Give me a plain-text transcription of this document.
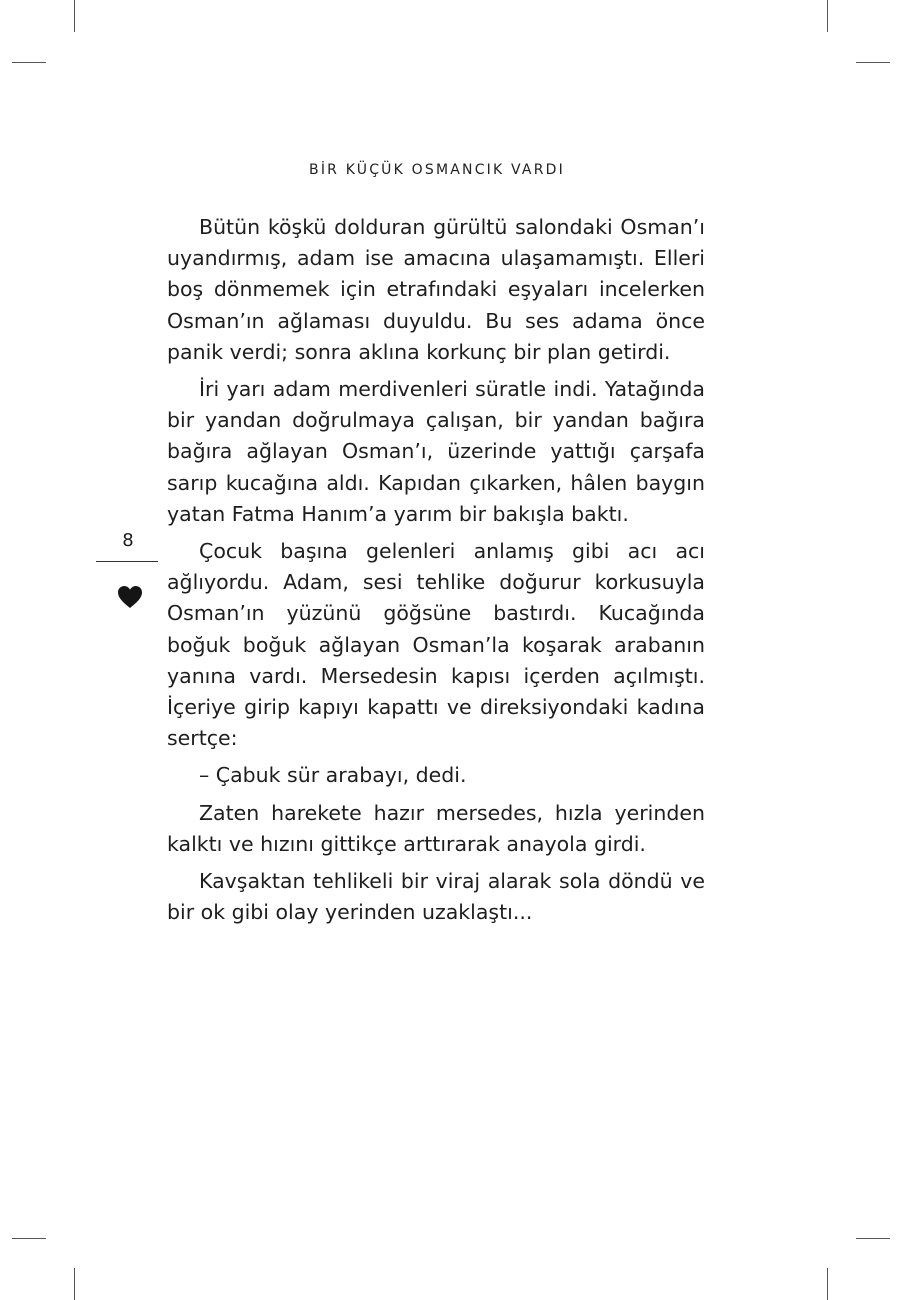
BİR KÜÇÜK OSMANCIK VARDI

Bütün köşkü dolduran gürültü salondaki Osman’ı uyandırmış, adam ise amacına ulaşamamıştı. Elleri boş dönmemek için etrafındaki eşyaları incelerken Osman’ın ağlaması duyuldu. Bu ses adama önce panik verdi; sonra aklına korkunç bir plan getirdi.

İri yarı adam merdivenleri süratle indi. Yatağında bir yandan doğrulmaya çalışan, bir yandan bağıra bağıra ağlayan Osman’ı, üzerinde yattığı çarşafa sarıp kucağına aldı. Kapıdan çıkarken, hâlen baygın yatan Fatma Hanım’a yarım bir bakışla baktı.

Çocuk başına gelenleri anlamış gibi acı acı ağlıyordu. Adam, sesi tehlike doğurur korkusuyla Osman’ın yüzünü göğsüne bastırdı. Kucağında boğuk boğuk ağlayan Osman’la koşarak arabanın yanına vardı. Mersedesin kapısı içerden açılmıştı. İçeriye girip kapıyı kapattı ve direksiyondaki kadına sertçe:

– Çabuk sür arabayı, dedi.

Zaten harekete hazır mersedes, hızla yerinden kalktı ve hızını gittikçe arttırarak anayola girdi.

Kavşaktan tehlikeli bir viraj alarak sola döndü ve bir ok gibi olay yerinden uzaklaştı...

8
